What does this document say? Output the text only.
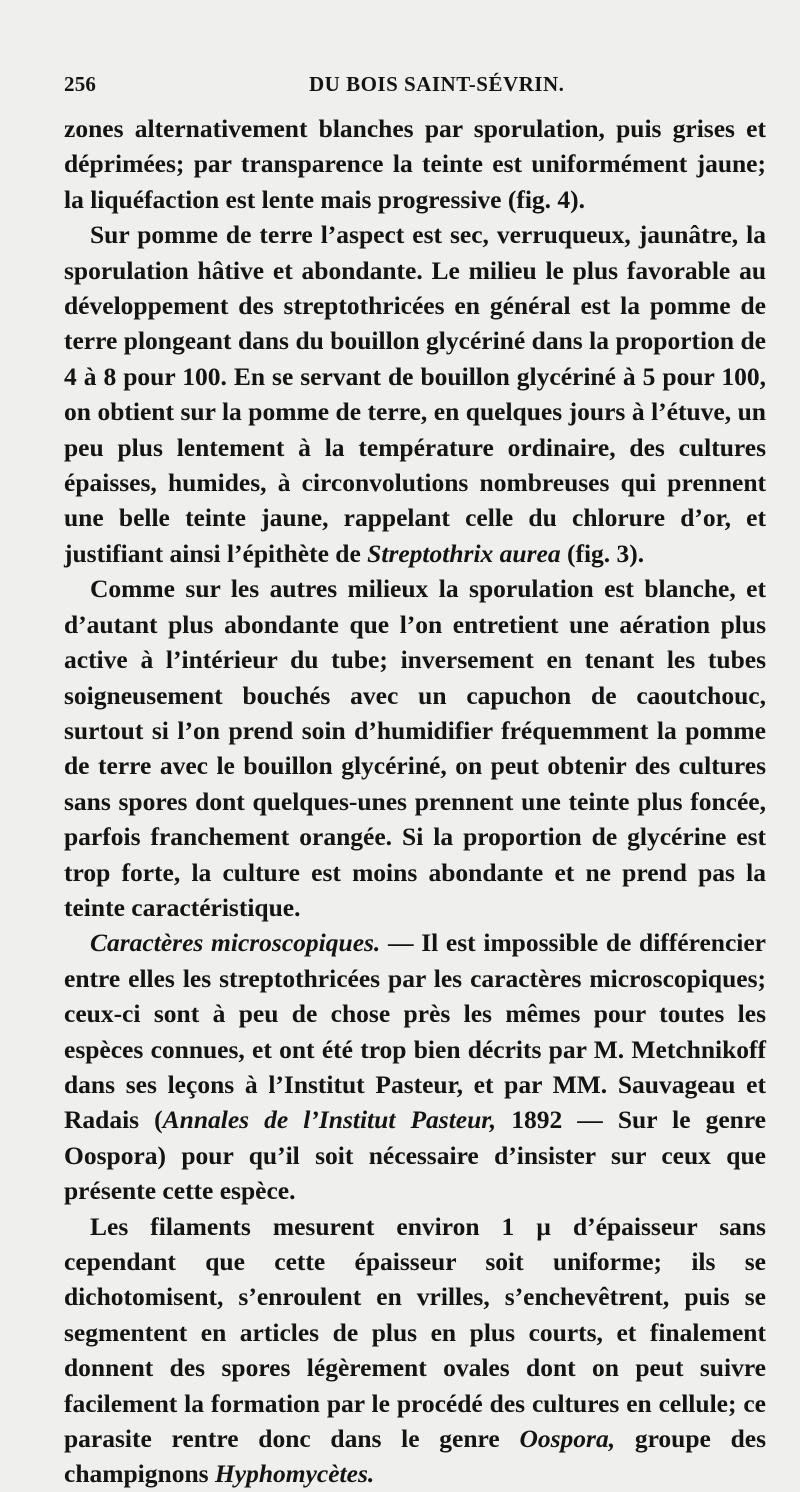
256	DU BOIS SAINT-SÉVRIN.

zones alternativement blanches par sporulation, puis grises et déprimées; par transparence la teinte est uniformément jaune; la liquéfaction est lente mais progressive (fig. 4).

Sur pomme de terre l’aspect est sec, verruqueux, jaunâtre, la sporulation hâtive et abondante. Le milieu le plus favorable au développement des streptothricées en général est la pomme de terre plongeant dans du bouillon glycériné dans la proportion de 4 à 8 pour 100. En se servant de bouillon glycériné à 5 pour 100, on obtient sur la pomme de terre, en quelques jours à l’étuve, un peu plus lentement à la température ordinaire, des cultures épaisses, humides, à circonvolutions nombreuses qui prennent une belle teinte jaune, rappelant celle du chlorure d’or, et justifiant ainsi l’épithète de Streptothrix aurea (fig. 3).

Comme sur les autres milieux la sporulation est blanche, et d’autant plus abondante que l’on entretient une aération plus active à l’intérieur du tube; inversement en tenant les tubes soigneusement bouchés avec un capuchon de caoutchouc, surtout si l’on prend soin d’humidifier fréquemment la pomme de terre avec le bouillon glycériné, on peut obtenir des cultures sans spores dont quelques-unes prennent une teinte plus foncée, parfois franchement orangée. Si la proportion de glycérine est trop forte, la culture est moins abondante et ne prend pas la teinte caractéristique.

Caractères microscopiques. — Il est impossible de différencier entre elles les streptothricées par les caractères microscopiques; ceux-ci sont à peu de chose près les mêmes pour toutes les espèces connues, et ont été trop bien décrits par M. Metchnikoff dans ses leçons à l’Institut Pasteur, et par MM. Sauvageau et Radais (Annales de l’Institut Pasteur, 1892 — Sur le genre Oospora) pour qu’il soit nécessaire d’insister sur ceux que présente cette espèce.

Les filaments mesurent environ 1 µ d’épaisseur sans cependant que cette épaisseur soit uniforme; ils se dichotomisent, s’enroulent en vrilles, s’enchevêtrent, puis se segmentent en articles de plus en plus courts, et finalement donnent des spores légèrement ovales dont on peut suivre facilement la formation par le procédé des cultures en cellule; ce parasite rentre donc dans le genre Oospora, groupe des champignons Hyphomycètes.
